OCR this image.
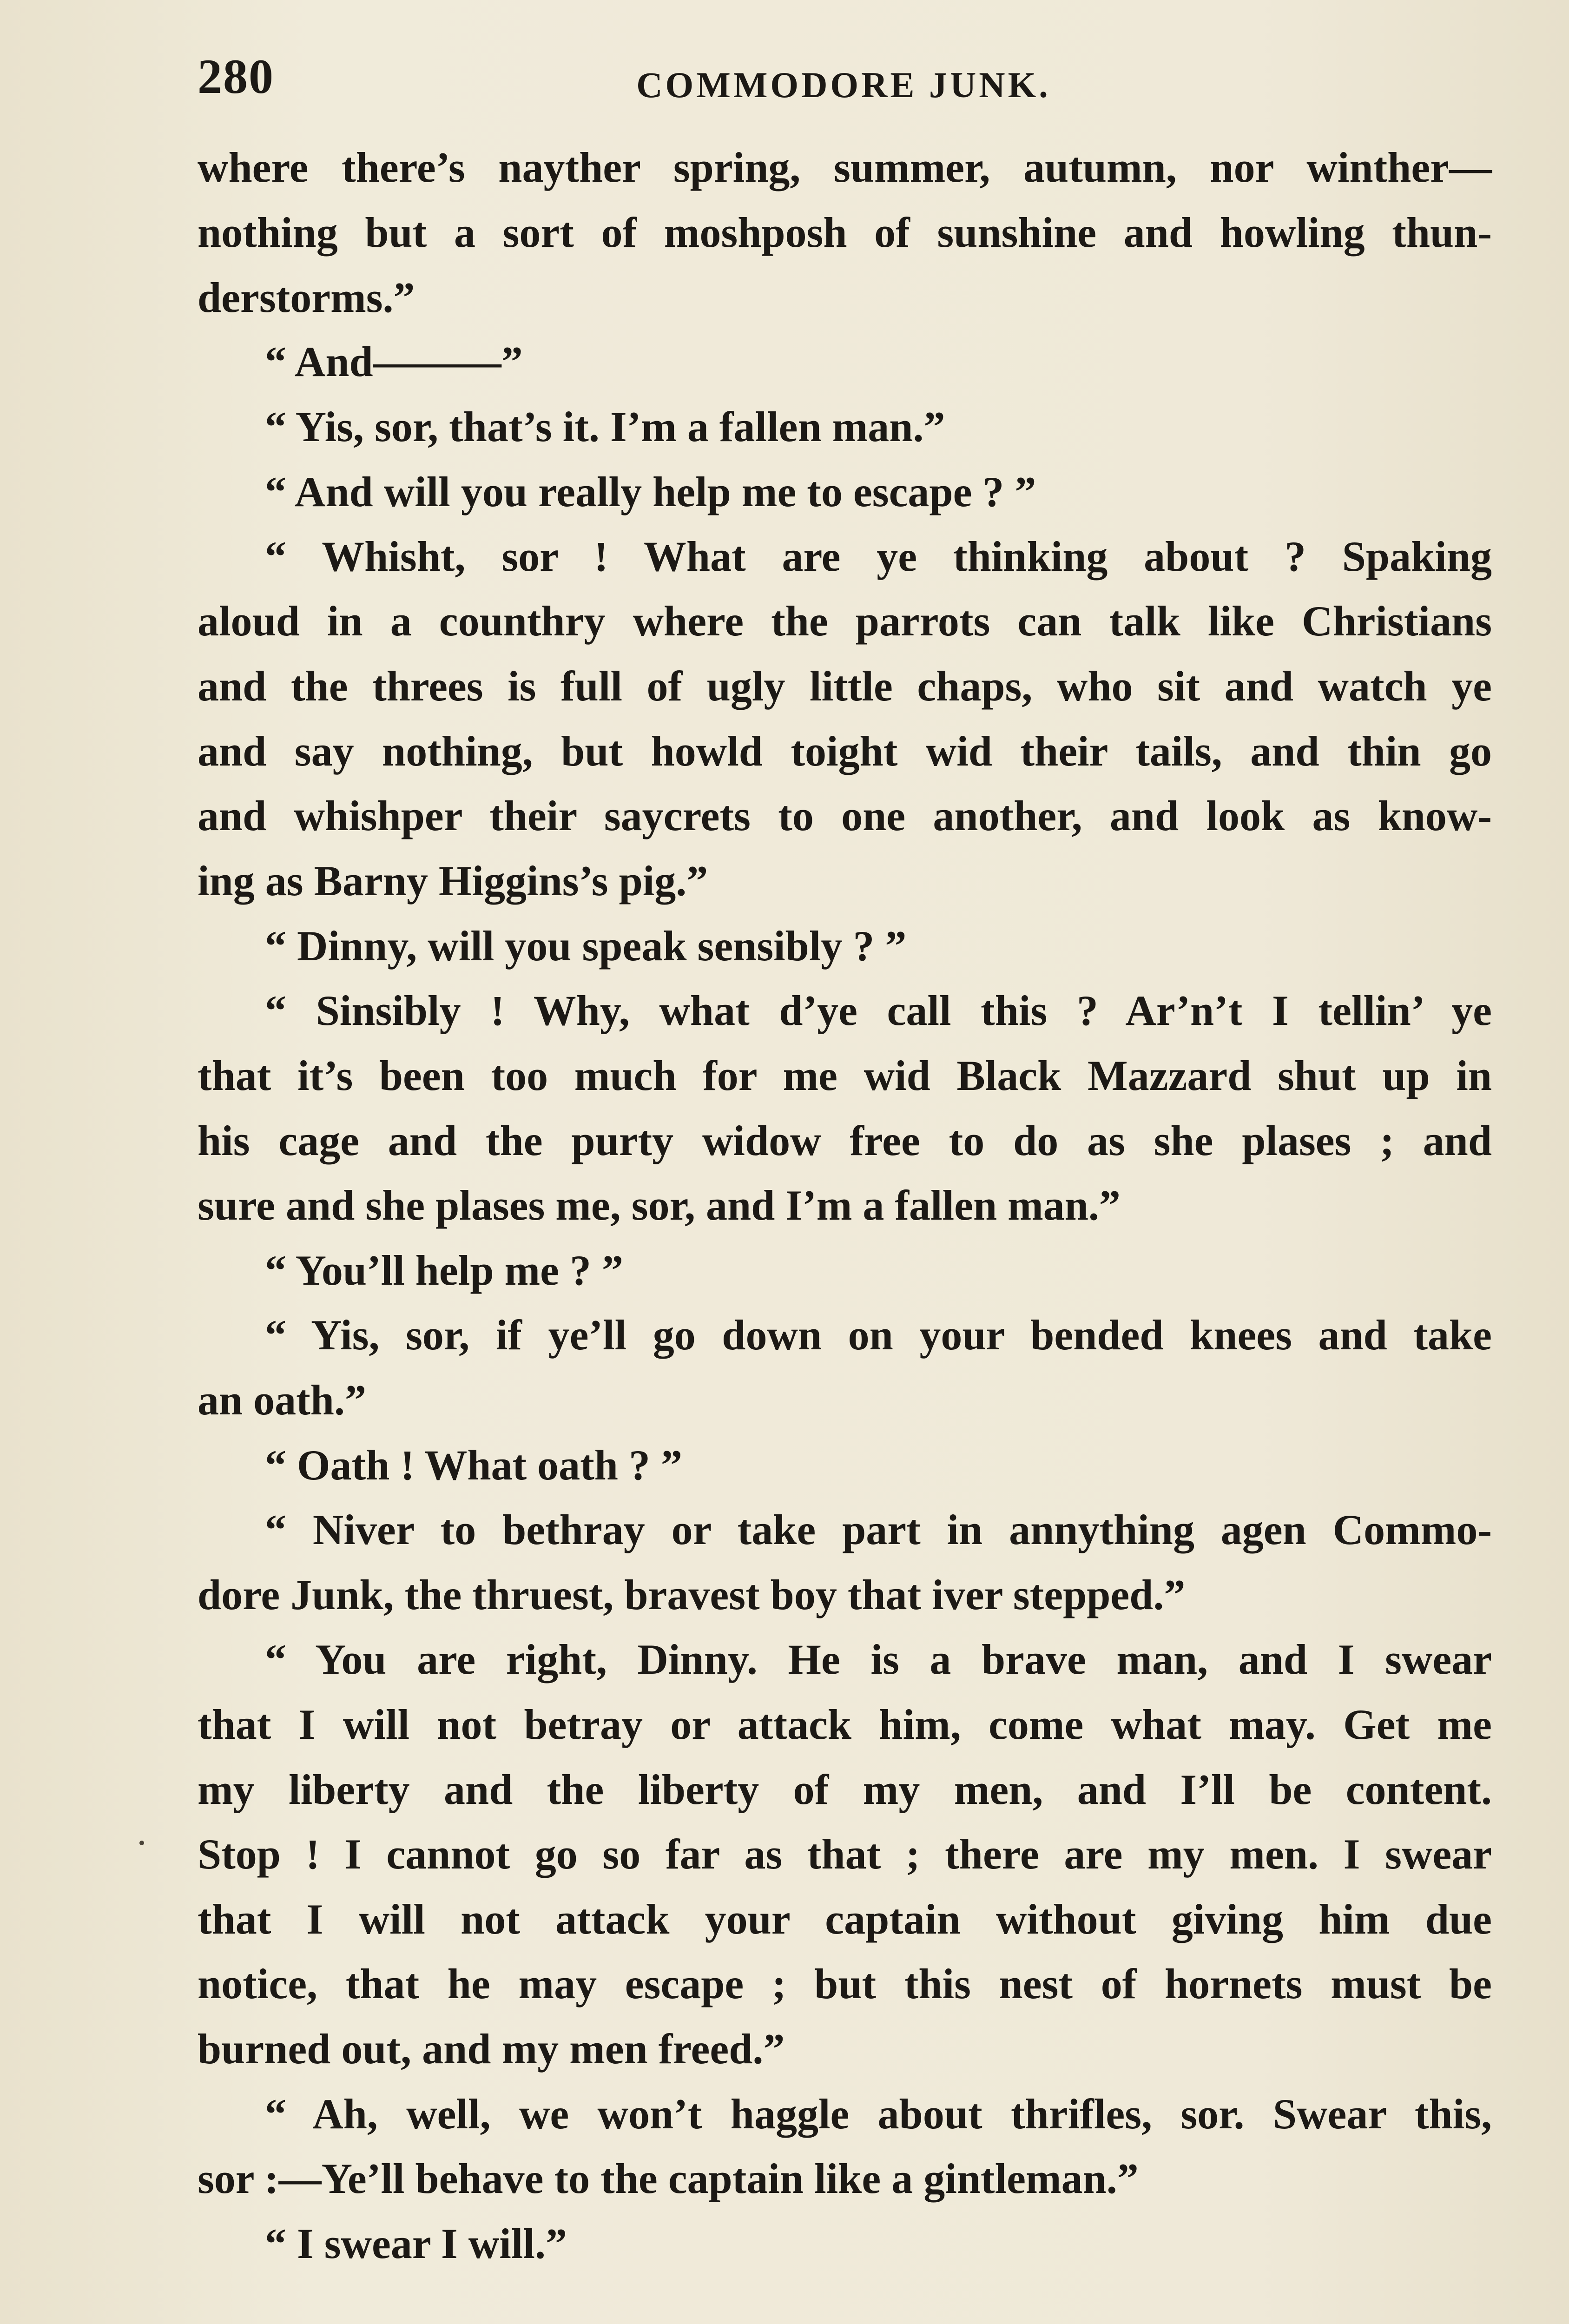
280	COMMODORE JUNK.
where there’s nayther spring, summer, autumn, nor winther—
nothing but a sort of moshposh of sunshine and howling thun-
derstorms.”
“ And———”
“ Yis, sor, that’s it. I’m a fallen man.”
“ And will you really help me to escape ? ”
“ Whisht, sor ! What are ye thinking about ? Spaking
aloud in a counthry where the parrots can talk like Christians
and the threes is full of ugly little chaps, who sit and watch ye
and say nothing, but howld toight wid their tails, and thin go
and whishper their saycrets to one another, and look as know-
ing as Barny Higgins’s pig.”
“ Dinny, will you speak sensibly ? ”
“ Sinsibly ! Why, what d’ye call this ? Ar’n’t I tellin’ ye
that it’s been too much for me wid Black Mazzard shut up in
his cage and the purty widow free to do as she plases ; and
sure and she plases me, sor, and I’m a fallen man.”
“ You’ll help me ? ”
“ Yis, sor, if ye’ll go down on your bended knees and take
an oath.”
“ Oath ! What oath ? ”
“ Niver to bethray or take part in annything agen Commo-
dore Junk, the thruest, bravest boy that iver stepped.”
“ You are right, Dinny. He is a brave man, and I swear
that I will not betray or attack him, come what may. Get me
my liberty and the liberty of my men, and I’ll be content.
Stop ! I cannot go so far as that ; there are my men. I swear
that I will not attack your captain without giving him due
notice, that he may escape ; but this nest of hornets must be
burned out, and my men freed.”
“ Ah, well, we won’t haggle about thrifles, sor. Swear this,
sor :—Ye’ll behave to the captain like a gintleman.”
“ I swear I will.”
